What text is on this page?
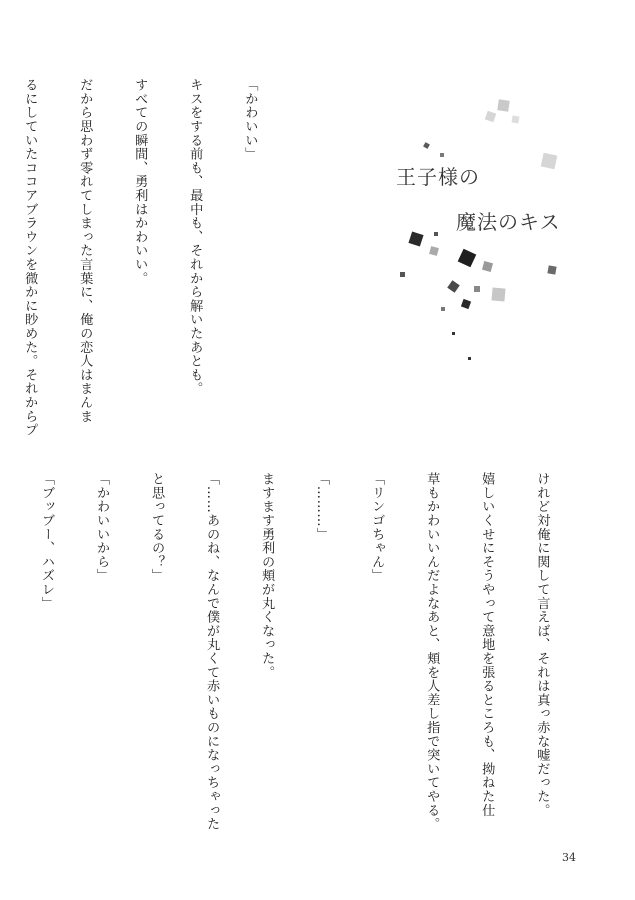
王子様の
魔法のキス

「かわいい」

キスをする前も、最中も、それから解いたあとも。

すべての瞬間、勇利はかわいい。

だから思わず零れてしまった言葉に、俺の恋人はまんま

るにしていたココアブラウンを微かに眇めた。それからプ

けれど対俺に関して言えば、それは真っ赤な嘘だった。

嬉しいくせにそうやって意地を張るところも、拗ねた仕

草もかわいいんだよなあと、頬を人差し指で突いてやる。

「リンゴちゃん」

「………」

ますます勇利の頬が丸くなった。

「……あのね、なんで僕が丸くて赤いものになっちゃった

と思ってるの？」

「かわいいから」

「ブッブー、ハズレ」

34
